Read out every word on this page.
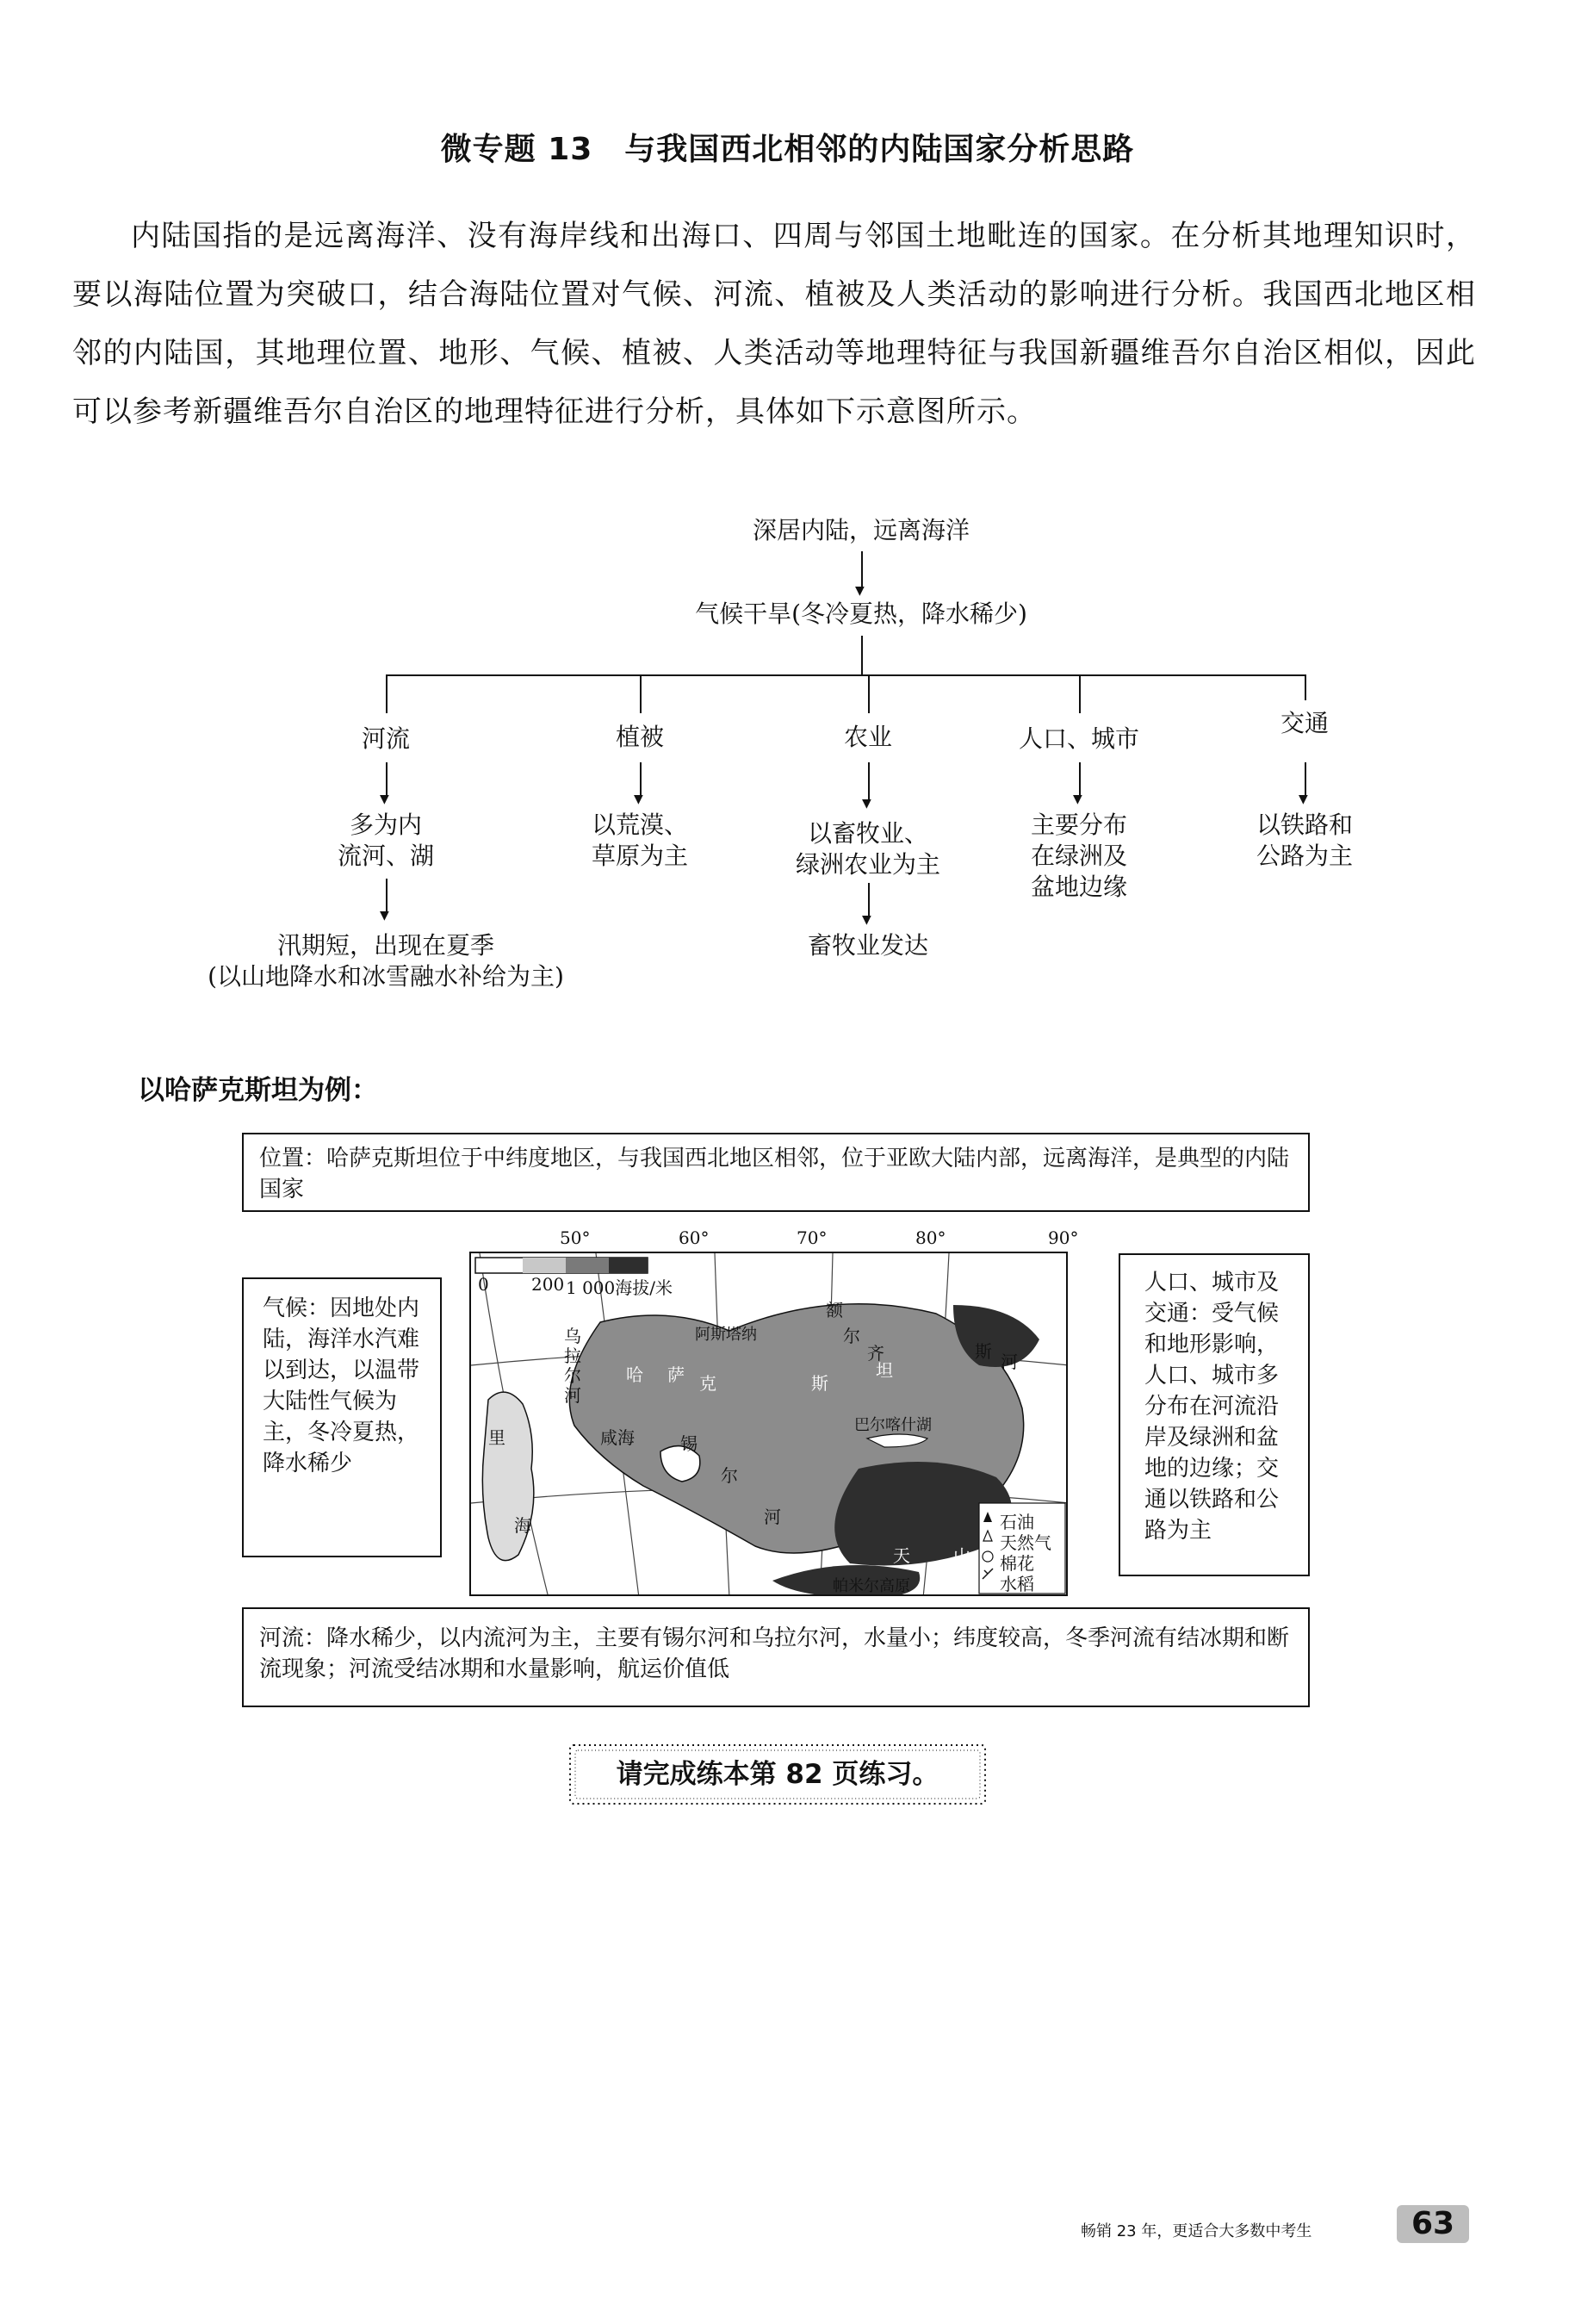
微专题 13　与我国西北相邻的内陆国家分析思路
内陆国指的是远离海洋、没有海岸线和出海口、四周与邻国土地毗连的国家。在分析其地理知识时，要以海陆位置为突破口，结合海陆位置对气候、河流、植被及人类活动的影响进行分析。我国西北地区相邻的内陆国，其地理位置、地形、气候、植被、人类活动等地理特征与我国新疆维吾尔自治区相似，因此可以参考新疆维吾尔自治区的地理特征进行分析，具体如下示意图所示。
深居内陆，远离海洋
▼
气候干旱(冬冷夏热，降水稀少)
河流	植被	农业	人口、城市
交通
▼	▼	▼	▼	▼
多为内
流河、湖
以荒漠、
草原为主
以畜牧业、
绿洲农业为主
主要分布
在绿洲及
盆地边缘
以铁路和
公路为主
▼	▼
汛期短，出现在夏季
(以山地降水和冰雪融水补给为主)
畜牧业发达
以哈萨克斯坦为例：
位置：哈萨克斯坦位于中纬度地区，与我国西北地区相邻，位于亚欧大陆内部，远离海洋，是典型的内陆国家
气候：因地处内陆，海洋水汽难以到达，以温带大陆性气候为主，冬冷夏热，降水稀少
人口、城市及交通：受气候和地形影响，人口、城市多分布在河流沿岸及绿洲和盆地的边缘；交通以铁路和公路为主
50°	60°	70°	80°	90°
0 200 1 000海拔/米
乌
拉
尔
河
哈 萨 克	斯
坦
阿斯塔纳
额
尔
齐	斯 河
里
海
咸海	锡
尔
河
巴尔喀什湖
天	山
帕米尔高原
石油
天然气
棉花
水稻
河流：降水稀少，以内流河为主，主要有锡尔河和乌拉尔河，水量小；纬度较高，冬季河流有结冰期和断流现象；河流受结冰期和水量影响，航运价值低
请完成练本第 82 页练习。
畅销 23 年，更适合大多数中考生	63
